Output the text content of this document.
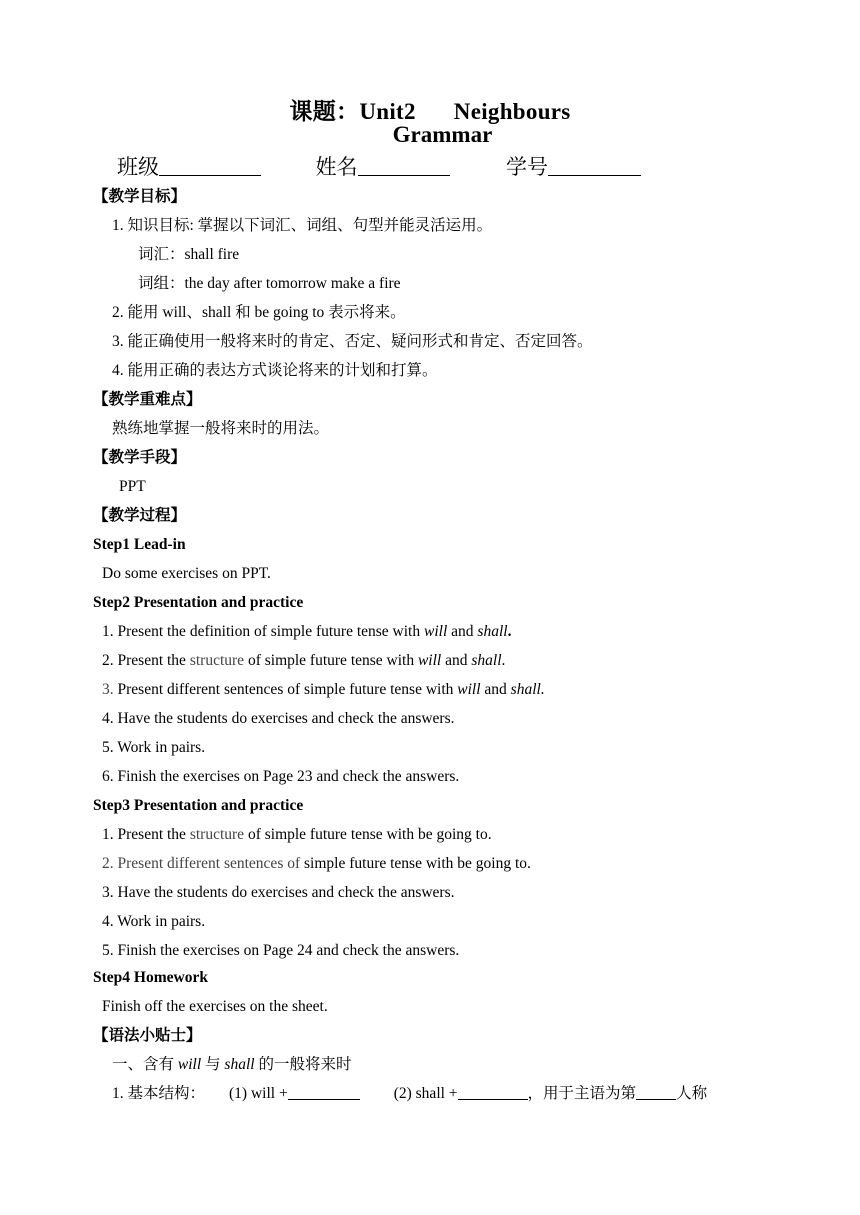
课题：Unit2 Neighbours
Grammar
班级	姓名	学号
【教学目标】
1. 知识目标: 掌握以下词汇、词组、句型并能灵活运用。
词汇：shall fire
词组：the day after tomorrow make a fire
2. 能用 will、shall 和 be going to 表示将来。
3. 能正确使用一般将来时的肯定、否定、疑问形式和肯定、否定回答。
4. 能用正确的表达方式谈论将来的计划和打算。
【教学重难点】
熟练地掌握一般将来时的用法。
【教学手段】
PPT
【教学过程】
Step1 Lead-in
Do some exercises on PPT.
Step2 Presentation and practice
1. Present the definition of simple future tense with will and shall.
2. Present the structure of simple future tense with will and shall.
3. Present different sentences of simple future tense with will and shall.
4. Have the students do exercises and check the answers.
5. Work in pairs.
6. Finish the exercises on Page 23 and check the answers.
Step3 Presentation and practice
1. Present the structure of simple future tense with be going to.
2. Present different sentences of simple future tense with be going to.
3. Have the students do exercises and check the answers.
4. Work in pairs.
5. Finish the exercises on Page 24 and check the answers.
Step4 Homework
Finish off the exercises on the sheet.
【语法小贴士】
一、含有 will 与 shall 的一般将来时
1. 基本结构： (1) will +	(2) shall +	，用于主语为第	人称
